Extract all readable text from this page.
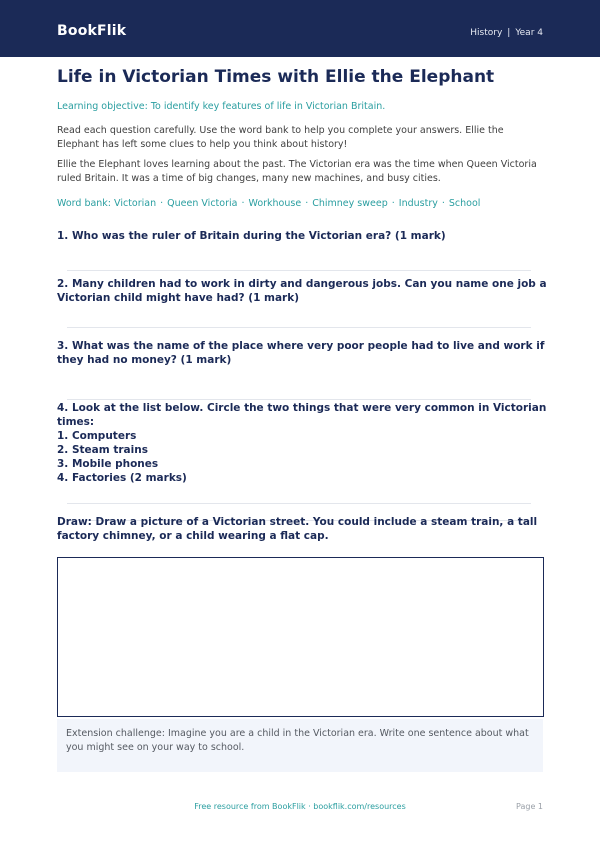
BookFlik	History | Year 4
Life in Victorian Times with Ellie the Elephant

Learning objective: To identify key features of life in Victorian Britain.

Read each question carefully. Use the word bank to help you complete your answers. Ellie the Elephant has left some clues to help you think about history!

Ellie the Elephant loves learning about the past. The Victorian era was the time when Queen Victoria ruled Britain. It was a time of big changes, many new machines, and busy cities.

Word bank: Victorian · Queen Victoria · Workhouse · Chimney sweep · Industry · School

1. Who was the ruler of Britain during the Victorian era? (1 mark)

2. Many children had to work in dirty and dangerous jobs. Can you name one job a Victorian child might have had? (1 mark)

3. What was the name of the place where very poor people had to live and work if they had no money? (1 mark)

4. Look at the list below. Circle the two things that were very common in Victorian times:
1. Computers
2. Steam trains
3. Mobile phones
4. Factories (2 marks)

Draw: Draw a picture of a Victorian street. You could include a steam train, a tall factory chimney, or a child wearing a flat cap.

Extension challenge: Imagine you are a child in the Victorian era. Write one sentence about what you might see on your way to school.
Free resource from BookFlik · bookflik.com/resources	Page 1
